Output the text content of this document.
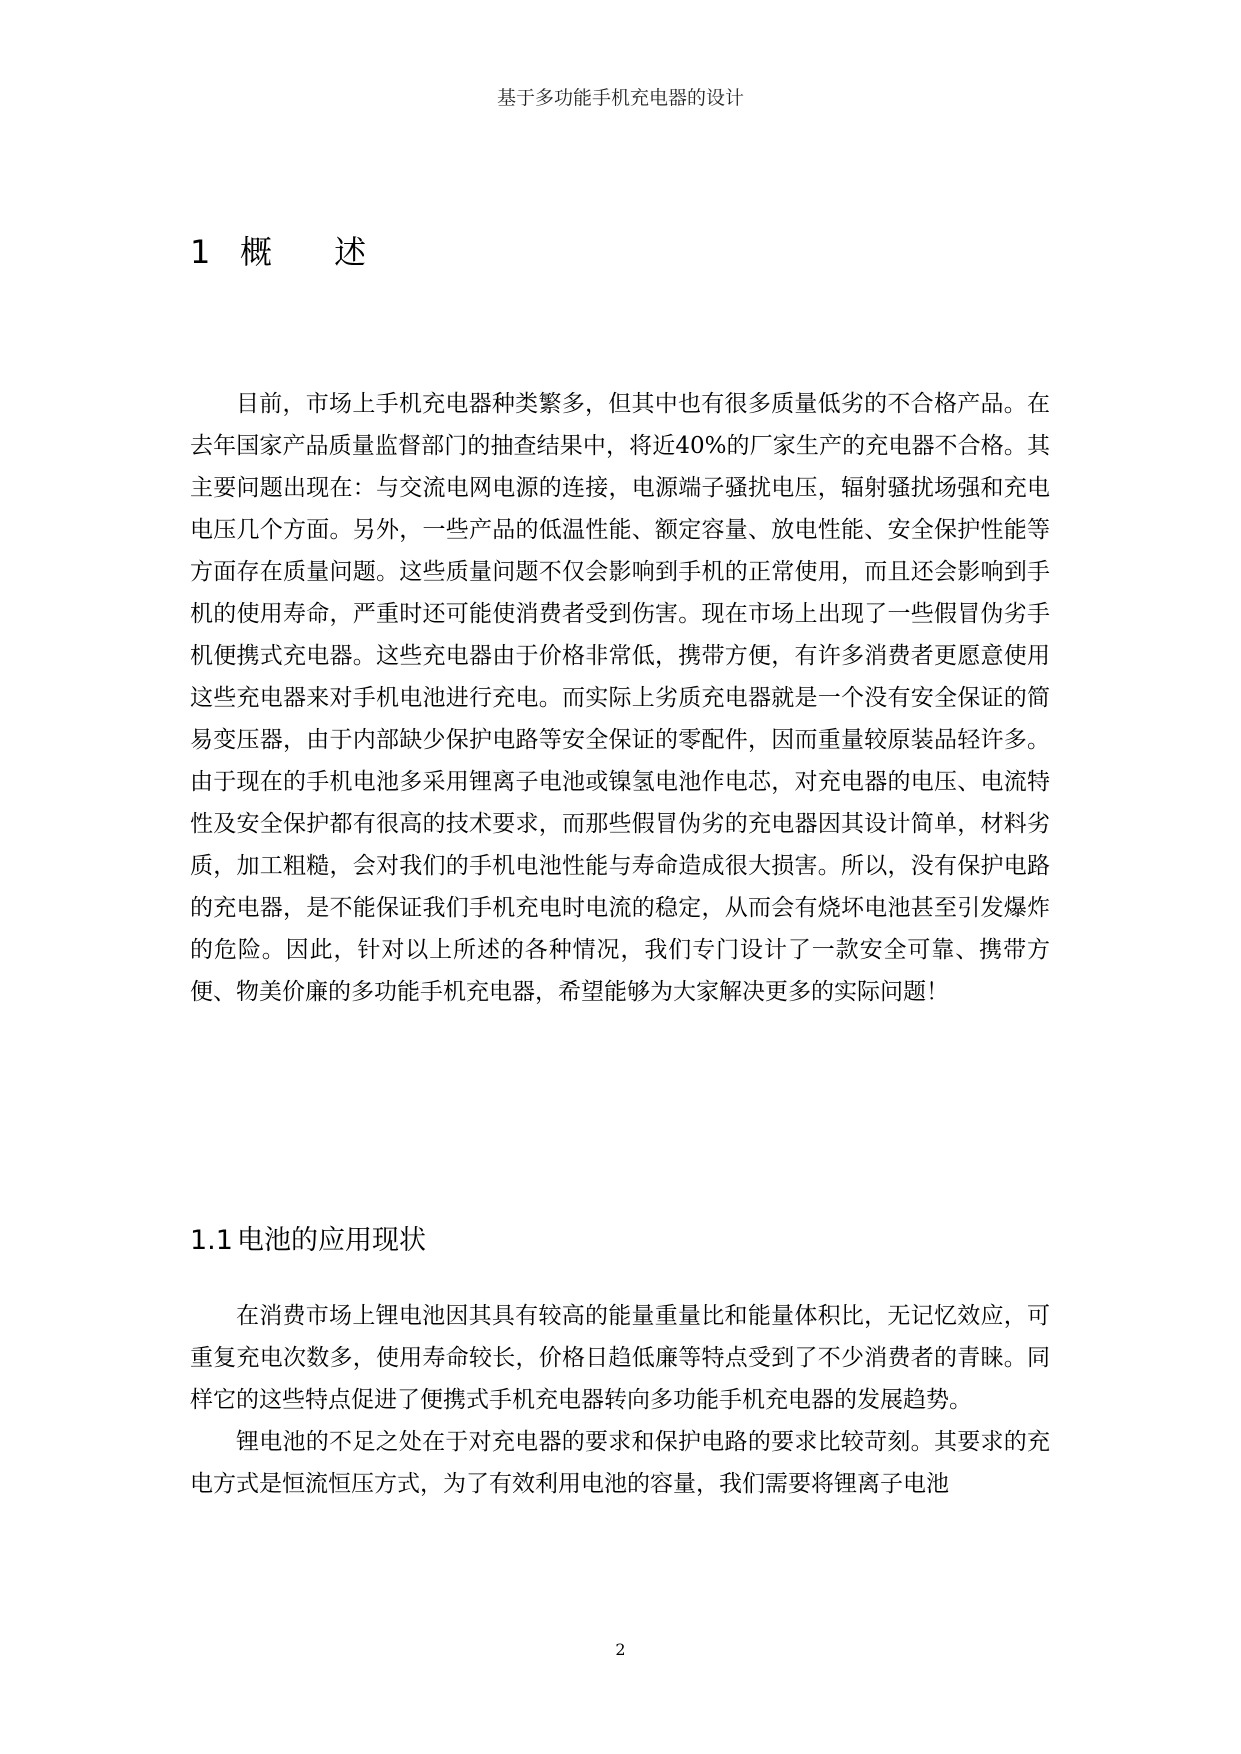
基于多功能手机充电器的设计
1 概 述

目前，市场上手机充电器种类繁多，但其中也有很多质量低劣的不合格产品。在去年国家产品质量监督部门的抽查结果中，将近40%的厂家生产的充电器不合格。其主要问题出现在：与交流电网电源的连接，电源端子骚扰电压，辐射骚扰场强和充电电压几个方面。另外，一些产品的低温性能、额定容量、放电性能、安全保护性能等方面存在质量问题。这些质量问题不仅会影响到手机的正常使用，而且还会影响到手机的使用寿命，严重时还可能使消费者受到伤害。现在市场上出现了一些假冒伪劣手机便携式充电器。这些充电器由于价格非常低，携带方便，有许多消费者更愿意使用这些充电器来对手机电池进行充电。而实际上劣质充电器就是一个没有安全保证的简易变压器，由于内部缺少保护电路等安全保证的零配件，因而重量较原装品轻许多。由于现在的手机电池多采用锂离子电池或镍氢电池作电芯，对充电器的电压、电流特性及安全保护都有很高的技术要求，而那些假冒伪劣的充电器因其设计简单，材料劣质，加工粗糙，会对我们的手机电池性能与寿命造成很大损害。所以，没有保护电路的充电器，是不能保证我们手机充电时电流的稳定，从而会有烧坏电池甚至引发爆炸的危险。因此，针对以上所述的各种情况，我们专门设计了一款安全可靠、携带方便、物美价廉的多功能手机充电器，希望能够为大家解决更多的实际问题！

1.1 电池的应用现状

在消费市场上锂电池因其具有较高的能量重量比和能量体积比，无记忆效应，可重复充电次数多，使用寿命较长，价格日趋低廉等特点受到了不少消费者的青睐。同样它的这些特点促进了便携式手机充电器转向多功能手机充电器的发展趋势。

锂电池的不足之处在于对充电器的要求和保护电路的要求比较苛刻。其要求的充电方式是恒流恒压方式，为了有效利用电池的容量，我们需要将锂离子电池

2
